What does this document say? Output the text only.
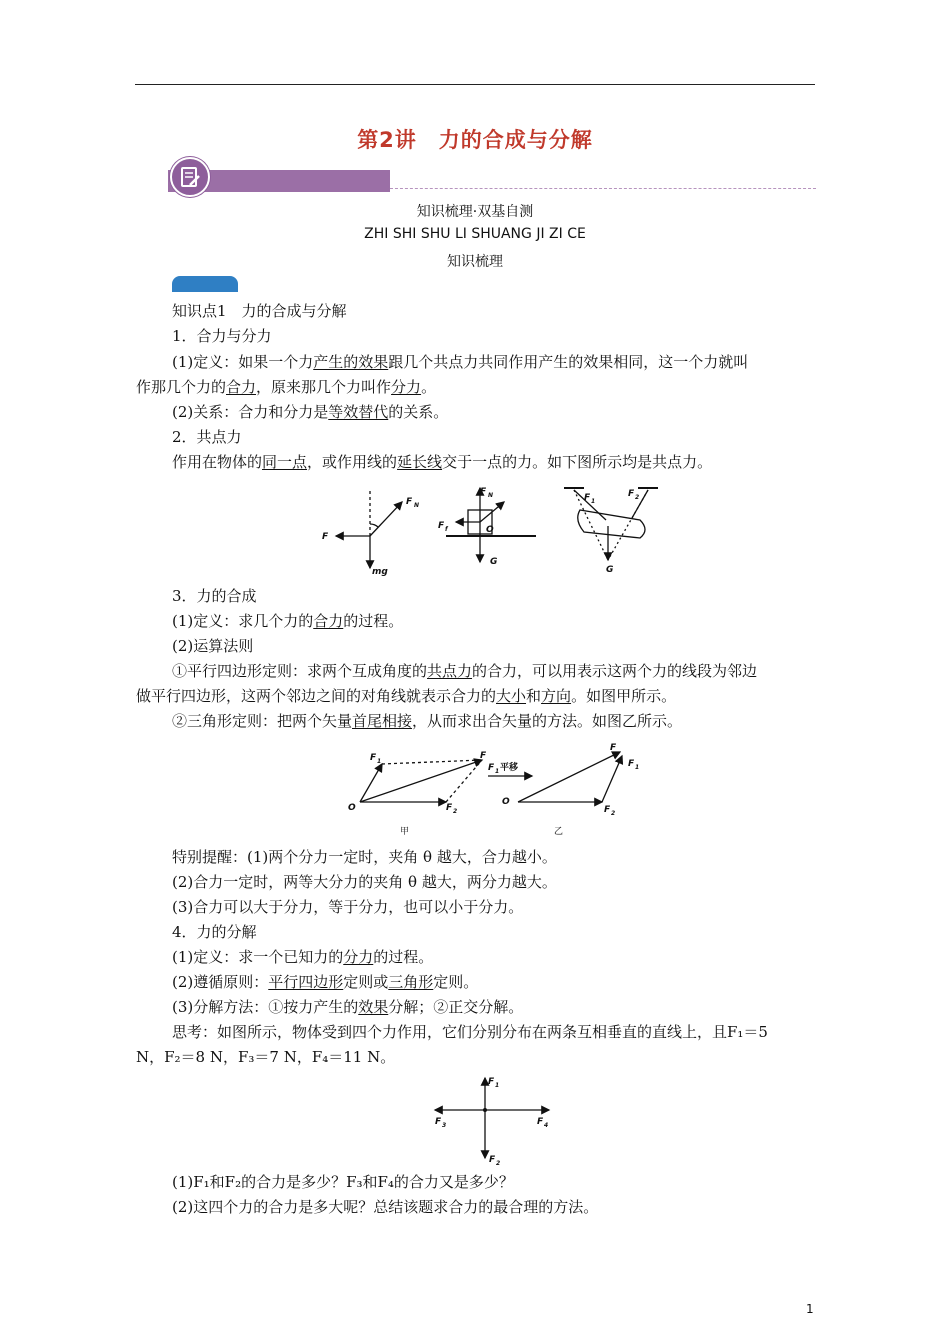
第2讲　力的合成与分解
知识梳理·双基自测
ZHI SHI SHU LI SHUANG JI ZI CE
知识梳理
知识点1　力的合成与分解
1．合力与分力
(1)定义：如果一个力产生的效果跟几个共点力共同作用产生的效果相同，这一个力就叫
作那几个力的合力，原来那几个力叫作分力。
(2)关系：合力和分力是等效替代的关系。
2．共点力
作用在物体的同一点，或作用线的延长线交于一点的力。如下图所示均是共点力。
3．力的合成
(1)定义：求几个力的合力的过程。
(2)运算法则
①平行四边形定则：求两个互成角度的共点力的合力，可以用表示这两个力的线段为邻边
做平行四边形，这两个邻边之间的对角线就表示合力的大小和方向。如图甲所示。
②三角形定则：把两个矢量首尾相接，从而求出合矢量的方法。如图乙所示。
特别提醒：(1)两个分力一定时，夹角 θ 越大，合力越小。
(2)合力一定时，两等大分力的夹角 θ 越大，两分力越大。
(3)合力可以大于分力，等于分力，也可以小于分力。
4．力的分解
(1)定义：求一个已知力的分力的过程。
(2)遵循原则：平行四边形定则或三角形定则。
(3)分解方法：①按力产生的效果分解；②正交分解。
思考：如图所示，物体受到四个力作用，它们分别分布在两条互相垂直的直线上，且F₁＝5
N，F₂＝8 N，F₃＝7 N，F₄＝11 N。
(1)F₁和F₂的合力是多少？F₃和F₄的合力又是多少？
(2)这四个力的合力是多大呢？总结该题求合力的最合理的方法。
F
F N
mg
F N
F f	O
G
F 1
F 2
G
F 1
F
O	F 2
甲
F 1 平移
F
F 1
O
F 2
乙
F 1
F 3	F 4
F 2
1
